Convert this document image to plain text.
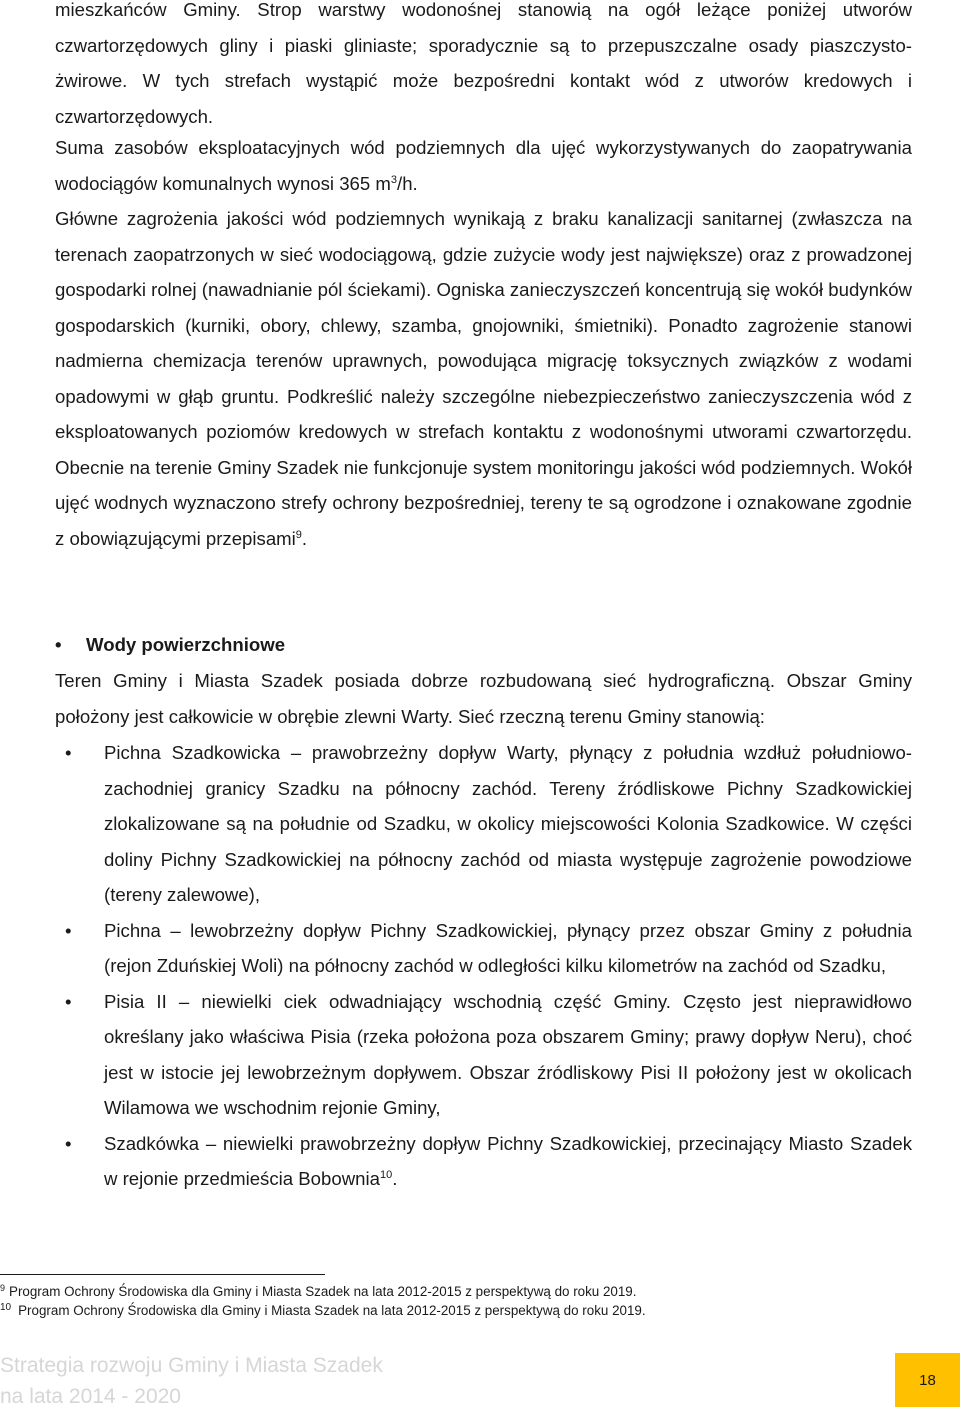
mieszkańców Gminy. Strop warstwy wodonośnej stanowią na ogół leżące poniżej utworów czwartorzędowych gliny i piaski gliniaste; sporadycznie są to przepuszczalne osady piaszczysto-żwirowe. W tych strefach wystąpić może bezpośredni kontakt wód z utworów kredowych i czwartorzędowych.

Suma zasobów eksploatacyjnych wód podziemnych dla ujęć wykorzystywanych do zaopatrywania wodociągów komunalnych wynosi 365 $m^3/h$.

Główne zagrożenia jakości wód podziemnych wynikają z braku kanalizacji sanitarnej (zwłaszcza na terenach zaopatrzonych w sieć wodociągową, gdzie zużycie wody jest największe) oraz z prowadzonej gospodarki rolnej (nawadnianie pól ściekami). Ogniska zanieczyszczeń koncentrują się wokół budynków gospodarskich (kurniki, obory, chlewy, szamba, gnojowniki, śmietniki). Ponadto zagrożenie stanowi nadmierna chemizacja terenów uprawnych, powodująca migrację toksycznych związków z wodami opadowymi w głąb gruntu. Podkreślić należy szczególne niebezpieczeństwo zanieczyszczenia wód z eksploatowanych poziomów kredowych w strefach kontaktu z wodonośnymi utworami czwartorzędu. Obecnie na terenie Gminy Szadek nie funkcjonuje system monitoringu jakości wód podziemnych. Wokół ujęć wodnych wyznaczono strefy ochrony bezpośredniej, tereny te są ogrodzone i oznakowane zgodnie z obowiązującymi przepisami$^9$.

•	Wody powierzchniowe

Teren Gminy i Miasta Szadek posiada dobrze rozbudowaną sieć hydrograficzną. Obszar Gminy położony jest całkowicie w obrębie zlewni Warty. Sieć rzeczną terenu Gminy stanowią:

• Pichna Szadkowicka – prawobrzeżny dopływ Warty, płynący z południa wzdłuż południowo-zachodniej granicy Szadku na północny zachód. Tereny źródliskowe Pichny Szadkowickiej zlokalizowane są na południe od Szadku, w okolicy miejscowości Kolonia Szadkowice. W części doliny Pichny Szadkowickiej na północny zachód od miasta występuje zagrożenie powodziowe (tereny zalewowe),
• Pichna – lewobrzeżny dopływ Pichny Szadkowickiej, płynący przez obszar Gminy z południa (rejon Zduńskiej Woli) na północny zachód w odległości kilku kilometrów na zachód od Szadku,
• Pisia II – niewielki ciek odwadniający wschodnią część Gminy. Często jest nieprawidłowo określany jako właściwa Pisia (rzeka położona poza obszarem Gminy; prawy dopływ Neru), choć jest w istocie jej lewobrzeżnym dopływem. Obszar źródliskowy Pisi II położony jest w okolicach Wilamowa we wschodnim rejonie Gminy,
• Szadkówka – niewielki prawobrzeżny dopływ Pichny Szadkowickiej, przecinający Miasto Szadek w rejonie przedmieścia Bobownia$^{10}$.
$^9$ Program Ochrony Środowiska dla Gminy i Miasta Szadek na lata 2012-2015 z perspektywą do roku 2019.
$^{10}$ Program Ochrony Środowiska dla Gminy i Miasta Szadek na lata 2012-2015 z perspektywą do roku 2019.
Strategia rozwoju Gminy i Miasta Szadek
na lata 2014 - 2020
18
